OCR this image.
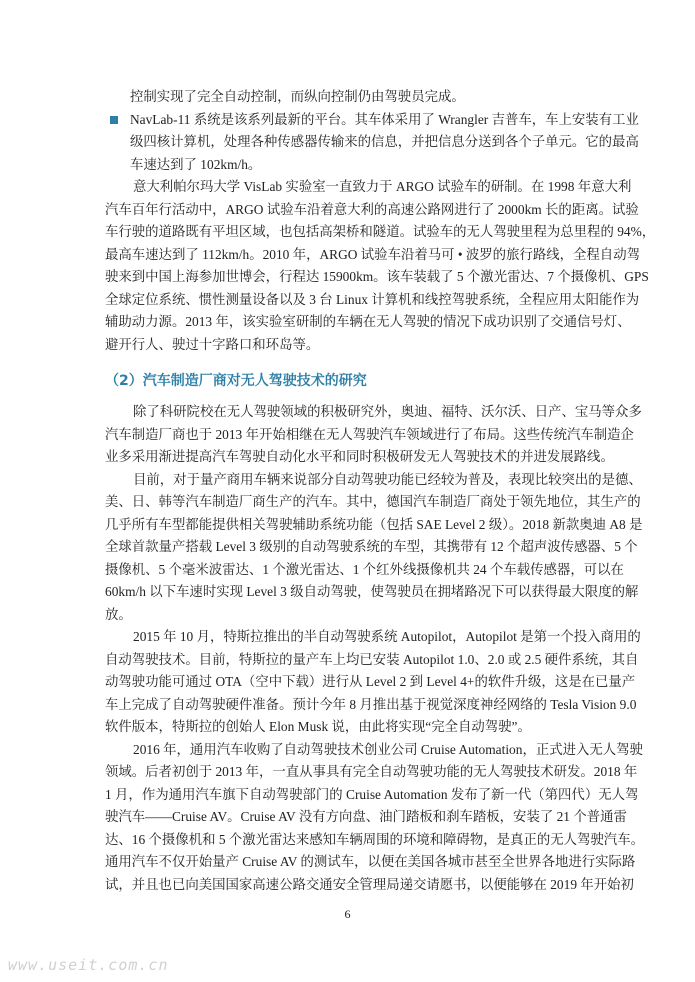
控制实现了完全自动控制，而纵向控制仍由驾驶员完成。
NavLab-11 系统是该系列最新的平台。其车体采用了 Wrangler 吉普车，车上安装有工业
级四核计算机，处理各种传感器传输来的信息，并把信息分送到各个子单元。它的最高
车速达到了 102km/h。
意大利帕尔玛大学 VisLab 实验室一直致力于 ARGO 试验车的研制。在 1998 年意大利
汽车百年行活动中，ARGO 试验车沿着意大利的高速公路网进行了 2000km 长的距离。试验
车行驶的道路既有平坦区域，也包括高架桥和隧道。试验车的无人驾驶里程为总里程的 94%，
最高车速达到了 112km/h。2010 年，ARGO 试验车沿着马可 • 波罗的旅行路线，全程自动驾
驶来到中国上海参加世博会，行程达 15900km。该车装载了 5 个激光雷达、7 个摄像机、GPS
全球定位系统、惯性测量设备以及 3 台 Linux 计算机和线控驾驶系统，全程应用太阳能作为
辅助动力源。2013 年，该实验室研制的车辆在无人驾驶的情况下成功识别了交通信号灯、
避开行人、驶过十字路口和环岛等。
（2）汽车制造厂商对无人驾驶技术的研究
除了科研院校在无人驾驶领域的积极研究外，奥迪、福特、沃尔沃、日产、宝马等众多
汽车制造厂商也于 2013 年开始相继在无人驾驶汽车领域进行了布局。这些传统汽车制造企
业多采用渐进提高汽车驾驶自动化水平和同时积极研发无人驾驶技术的并进发展路线。
目前，对于量产商用车辆来说部分自动驾驶功能已经较为普及，表现比较突出的是德、
美、日、韩等汽车制造厂商生产的汽车。其中，德国汽车制造厂商处于领先地位，其生产的
几乎所有车型都能提供相关驾驶辅助系统功能（包括 SAE Level 2 级）。2018 新款奥迪 A8 是
全球首款量产搭载 Level 3 级别的自动驾驶系统的车型，其携带有 12 个超声波传感器、5 个
摄像机、5 个毫米波雷达、1 个激光雷达、1 个红外线摄像机共 24 个车载传感器，可以在
60km/h 以下车速时实现 Level 3 级自动驾驶，使驾驶员在拥堵路况下可以获得最大限度的解
放。
2015 年 10 月，特斯拉推出的半自动驾驶系统 Autopilot，Autopilot 是第一个投入商用的
自动驾驶技术。目前，特斯拉的量产车上均已安装 Autopilot 1.0、2.0 或 2.5 硬件系统，其自
动驾驶功能可通过 OTA（空中下载）进行从 Level 2 到 Level 4+的软件升级，这是在已量产
车上完成了自动驾驶硬件准备。预计今年 8 月推出基于视觉深度神经网络的 Tesla Vision 9.0
软件版本，特斯拉的创始人 Elon Musk 说，由此将实现“完全自动驾驶”。
2016 年，通用汽车收购了自动驾驶技术创业公司 Cruise Automation，正式进入无人驾驶
领域。后者初创于 2013 年，一直从事具有完全自动驾驶功能的无人驾驶技术研发。2018 年
1 月，作为通用汽车旗下自动驾驶部门的 Cruise Automation 发布了新一代（第四代）无人驾
驶汽车——Cruise AV。Cruise AV 没有方向盘、油门踏板和刹车踏板，安装了 21 个普通雷
达、16 个摄像机和 5 个激光雷达来感知车辆周围的环境和障碍物，是真正的无人驾驶汽车。
通用汽车不仅开始量产 Cruise AV 的测试车，以便在美国各城市甚至全世界各地进行实际路
试，并且也已向美国国家高速公路交通安全管理局递交请愿书，以便能够在 2019 年开始初
6
www.useit.com.cn
